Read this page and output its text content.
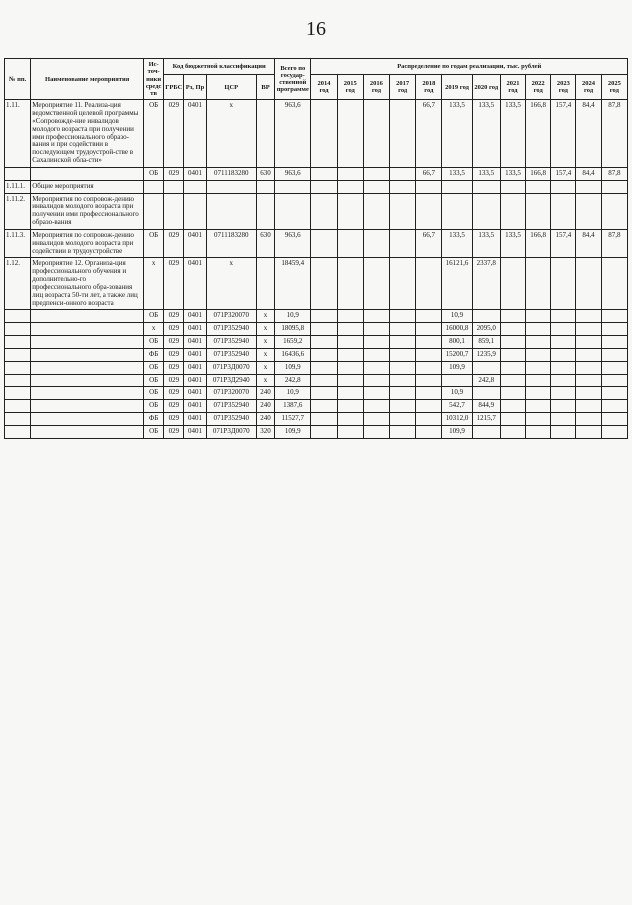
16
№ пп.	Наименование мероприятия	Ис-точ-ники средс тв	Код бюджетной классификации				Всего по государ-ственной программе	Распределение по годам реализации, тыс. рублей											
			ГРБС	Рз, Пр	ЦСР	ВР		2014 год	2015 год	2016 год	2017 год	2018 год	2019 год	2020 год	2021 год	2022 год	2023 год	2024 год	2025 год
1.11.	Мероприятие 11. Реализа-ция ведомственной целевой программы «Сопровожде-ние инвалидов молодого возраста при получении ими профессионального образо-вания и при содействии в последующем трудоустрой-стве в Сахалинской обла-сти»	ОБ	029	0401	x		963,6					66,7	133,5	133,5	133,5	166,8	157,4	84,4	87,8
		ОБ	029	0401	0711183280	630	963,6					66,7	133,5	133,5	133,5	166,8	157,4	84,4	87,8
1.11.1.	Общие мероприятия																		
1.11.2.	Мероприятия по сопровож-дению инвалидов молодого возраста при получении ими профессионального образо-вания																		
1.11.3.	Мероприятия по сопровож-дению инвалидов молодого возраста при содействии в трудоустройстве	ОБ	029	0401	0711183280	630	963,6					66,7	133,5	133,5	133,5	166,8	157,4	84,4	87,8
1.12.	Мероприятие 12. Организа-ция профессионального обучения и дополнительно-го профессионального обра-зования лиц возраста 50-ти лет, а также лиц предпенси-онного возраста	x	029	0401	x		18459,4						16121,6	2337,8					
		ОБ	029	0401	071P320070	x	10,9						10,9						
		x	029	0401	071P352940	x	18095,8						16000,8	2095,0					
		ОБ	029	0401	071P352940	x	1659,2						800,1	859,1					
		ФБ	029	0401	071P352940	x	16436,6						15200,7	1235,9					
		ОБ	029	0401	071P3Д0070	x	109,9						109,9						
		ОБ	029	0401	071P3Д2940	x	242,8							242,8					
		ОБ	029	0401	071P320070	240	10,9						10,9						
		ОБ	029	0401	071P352940	240	1387,6						542,7	844,9					
		ФБ	029	0401	071P352940	240	11527,7						10312,0	1215,7					
		ОБ	029	0401	071P3Д0070	320	109,9						109,9						
